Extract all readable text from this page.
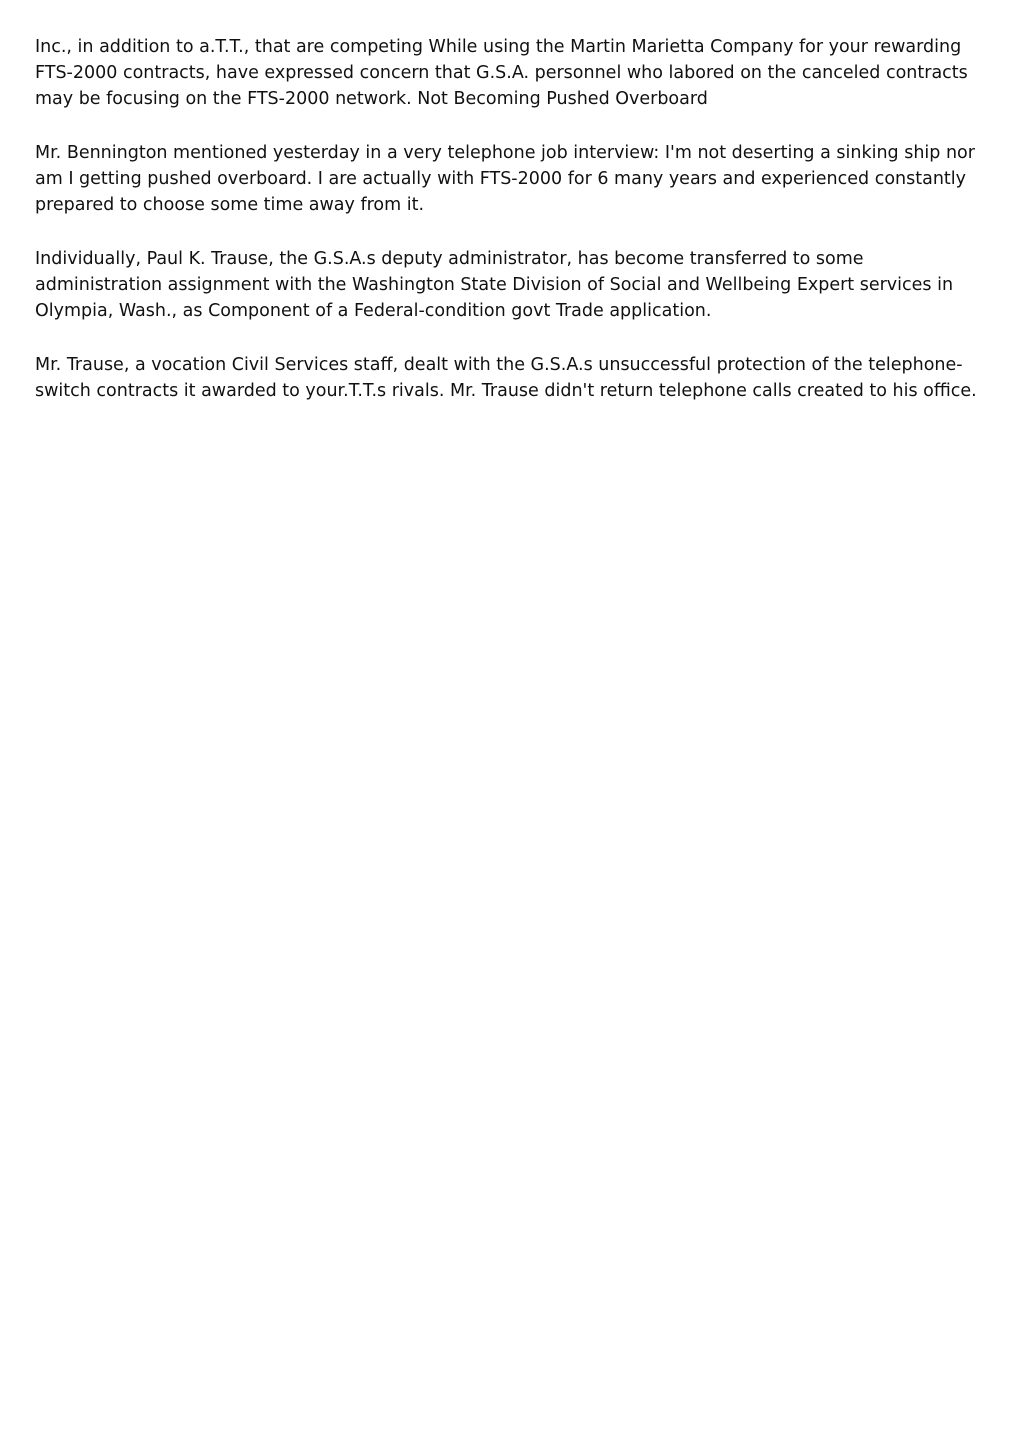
Inc., in addition to a.T.T., that are competing While using the Martin Marietta Company for your rewarding FTS-2000 contracts, have expressed concern that G.S.A. personnel who labored on the canceled contracts may be focusing on the FTS-2000 network. Not Becoming Pushed Overboard

Mr. Bennington mentioned yesterday in a very telephone job interview: I'm not deserting a sinking ship nor am I getting pushed overboard. I are actually with FTS-2000 for 6 many years and experienced constantly prepared to choose some time away from it.

Individually, Paul K. Trause, the G.S.A.s deputy administrator, has become transferred to some administration assignment with the Washington State Division of Social and Wellbeing Expert services in Olympia, Wash., as Component of a Federal-condition govt Trade application.

Mr. Trause, a vocation Civil Services staff, dealt with the G.S.A.s unsuccessful protection of the telephone-switch contracts it awarded to your.T.T.s rivals. Mr. Trause didn't return telephone calls created to his office.
